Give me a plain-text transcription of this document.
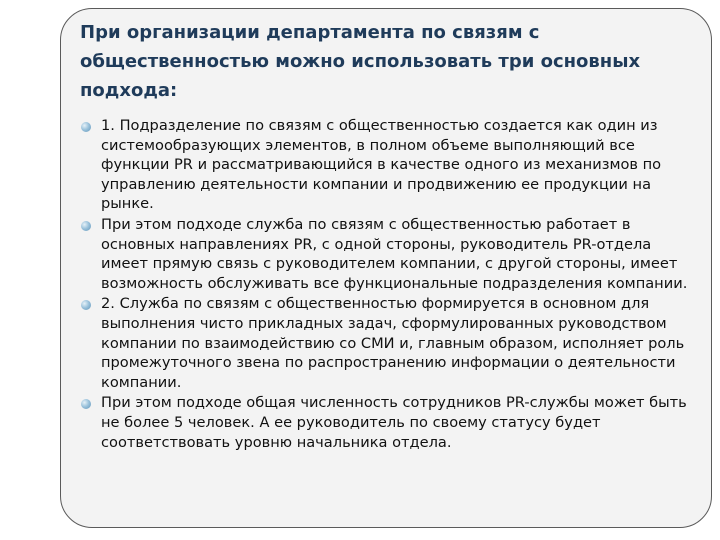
При организации департамента по связям с общественностью можно использовать три основных подхода:
1. Подразделение по связям с общественностью создается как один из системообразующих элементов, в полном объеме выполняющий все функции PR и рассматривающийся в качестве одного из механизмов по управлению деятельности компании и продвижению ее продукции на рынке.
При этом подходе служба по связям с общественностью работает в основных направлениях PR, с одной стороны, руководитель PR-отдела имеет прямую связь с руководителем компании, с другой стороны, имеет возможность обслуживать все функциональные подразделения компании.
2. Служба по связям с общественностью формируется в основном для выполнения чисто прикладных задач, сформулированных руководством компании по взаимодействию со СМИ и, главным образом, исполняет роль промежуточного звена по распространению информации о деятельности компании.
При этом подходе общая численность сотрудников PR-службы может быть не более 5 человек. А ее руководитель по своему статусу будет соответствовать уровню начальника отдела.
